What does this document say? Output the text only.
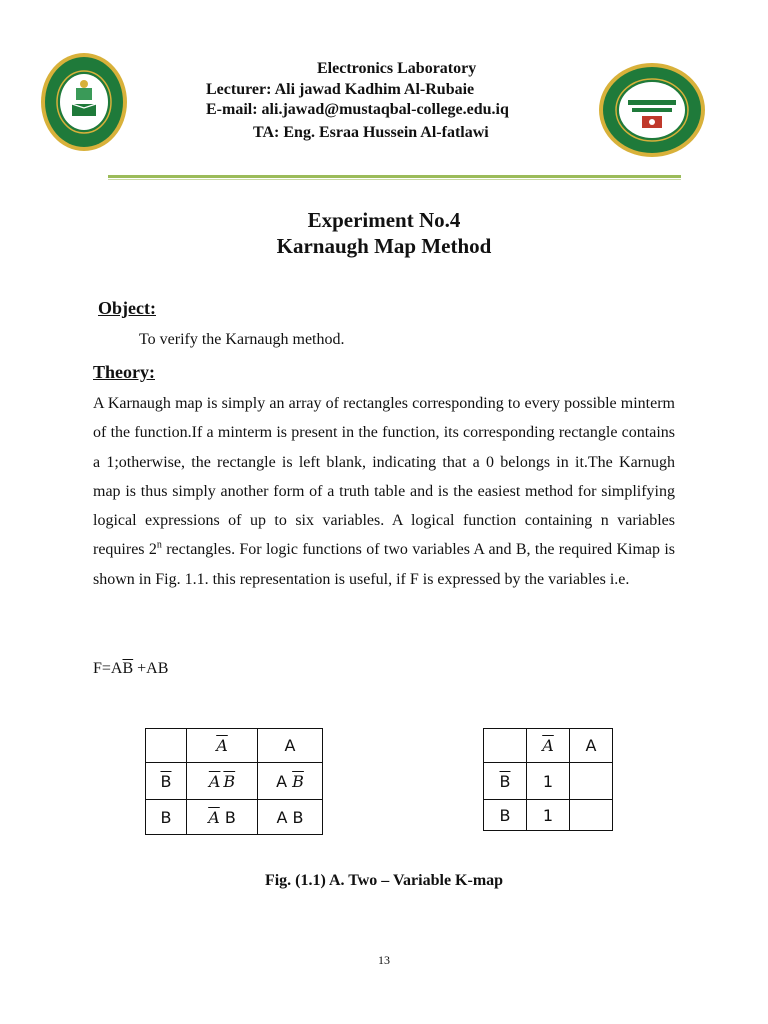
Electronics Laboratory
Lecturer: Ali jawad Kadhim Al-Rubaie
E-mail: ali.jawad@mustaqbal-college.edu.iq
TA: Eng. Esraa Hussein Al-fatlawi
Experiment No.4
Karnaugh Map Method
Object:
To verify the Karnaugh method.
Theory:
A Karnaugh map is simply an array of rectangles corresponding to every possible minterm of the function.If a minterm is present in the function, its corresponding rectangle contains a 1;otherwise, the rectangle is left blank, indicating that a 0 belongs in it.The Karnugh map is thus simply another form of a truth table and is the easiest method for simplifying logical expressions of up to six variables. A logical function containing n variables requires 2$^n$ rectangles. For logic functions of two variables A and B, the required Kimap is shown in Fig. 1.1. this representation is useful, if F is expressed by the variables i.e.
$F=A\overline{B} +AB$
	$\overline{A}$	A
$\overline{B}$	$\overline{A}$ $\overline{B}$	A $\overline{B}$
B	$\overline{A}$ B	A B
	$\overline{A}$	A
$\overline{B}$	1	
B	1	
Fig. (1.1) A. Two – Variable K-map
13
